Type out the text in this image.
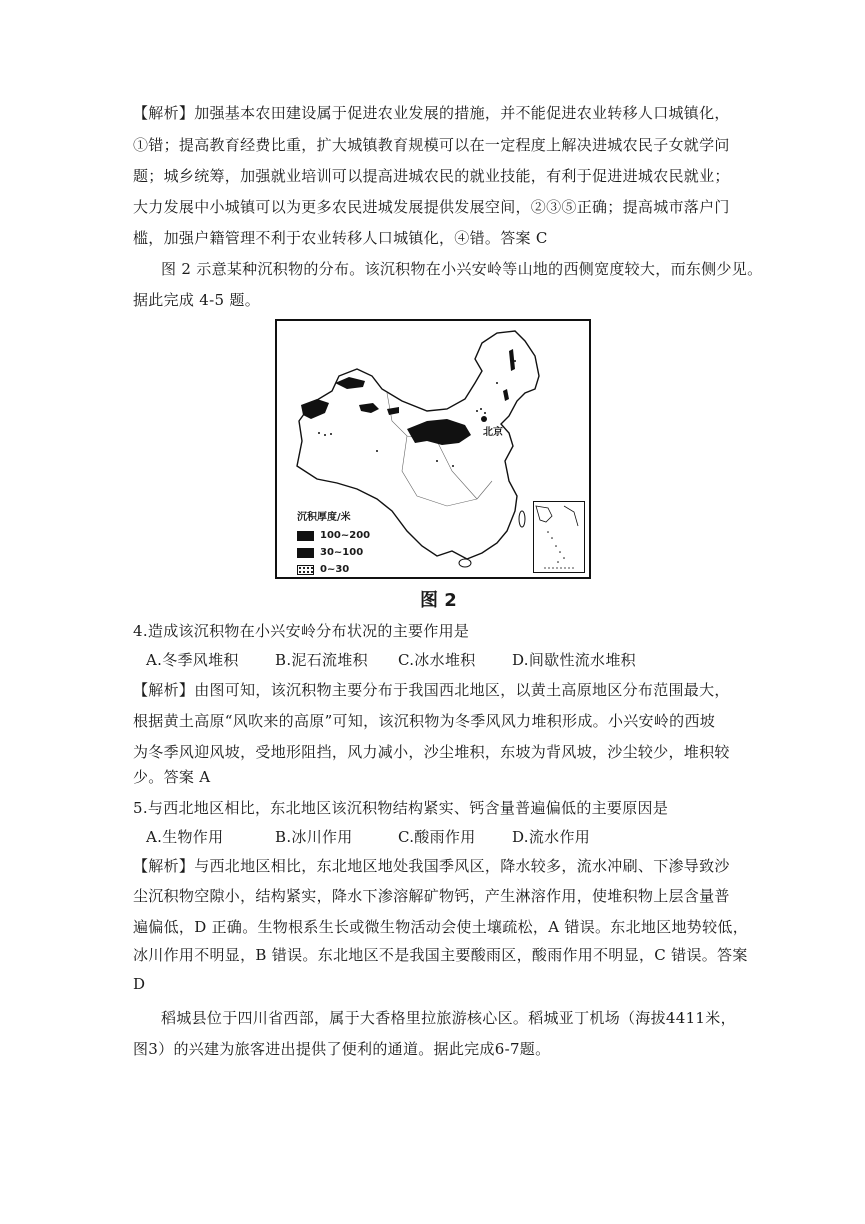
【解析】加强基本农田建设属于促进农业发展的措施，并不能促进农业转移人口城镇化，
①错；提高教育经费比重，扩大城镇教育规模可以在一定程度上解决进城农民子女就学问
题；城乡统筹，加强就业培训可以提高进城农民的就业技能，有利于促进进城农民就业；
大力发展中小城镇可以为更多农民进城发展提供发展空间，②③⑤正确；提高城市落户门
槛，加强户籍管理不利于农业转移人口城镇化，④错。答案 C
图 2 示意某种沉积物的分布。该沉积物在小兴安岭等山地的西侧宽度较大，而东侧少见。
据此完成 4-5 题。
北京
沉积厚度/米
100~200
30~100
0~30
图 2
4.造成该沉积物在小兴安岭分布状况的主要作用是
A.冬季风堆积 B.泥石流堆积 C.冰水堆积 D.间歇性流水堆积
【解析】由图可知，该沉积物主要分布于我国西北地区，以黄土高原地区分布范围最大，
根据黄土高原“风吹来的高原”可知，该沉积物为冬季风风力堆积形成。小兴安岭的西坡
为冬季风迎风坡，受地形阻挡，风力减小，沙尘堆积，东坡为背风坡，沙尘较少，堆积较
少。答案 A
5.与西北地区相比，东北地区该沉积物结构紧实、钙含量普遍偏低的主要原因是
A.生物作用	B.冰川作用	C.酸雨作用 D.流水作用
【解析】与西北地区相比，东北地区地处我国季风区，降水较多，流水冲刷、下渗导致沙
尘沉积物空隙小，结构紧实，降水下渗溶解矿物钙，产生淋溶作用，使堆积物上层含量普
遍偏低，D 正确。生物根系生长或微生物活动会使土壤疏松，A 错误。东北地区地势较低，
冰川作用不明显，B 错误。东北地区不是我国主要酸雨区，酸雨作用不明显，C 错误。答案
D
稻城县位于四川省西部，属于大香格里拉旅游核心区。稻城亚丁机场（海拔4411米，
图3）的兴建为旅客进出提供了便利的通道。据此完成6-7题。
